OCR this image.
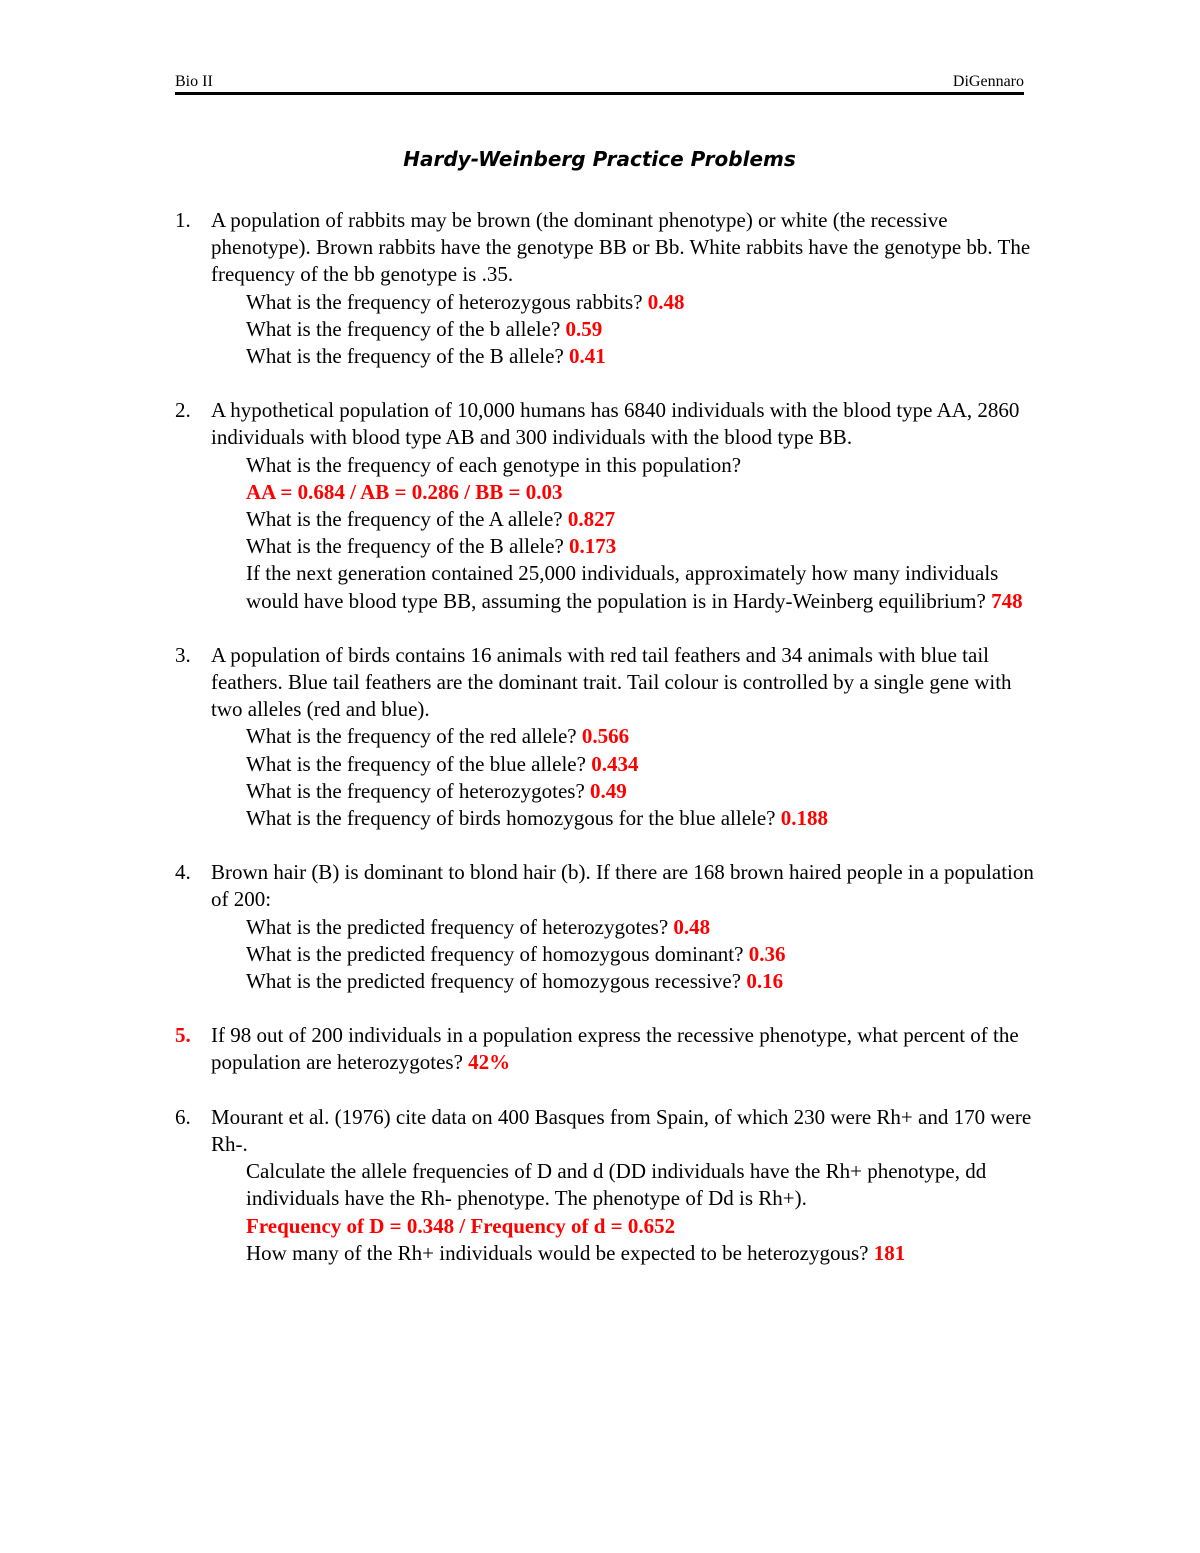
Bio II	DiGennaro
Hardy-Weinberg Practice Problems
1. A population of rabbits may be brown (the dominant phenotype) or white (the recessive phenotype). Brown rabbits have the genotype BB or Bb. White rabbits have the genotype bb. The frequency of the bb genotype is .35.
What is the frequency of heterozygous rabbits? 0.48
What is the frequency of the b allele? 0.59
What is the frequency of the B allele? 0.41
2. A hypothetical population of 10,000 humans has 6840 individuals with the blood type AA, 2860 individuals with blood type AB and 300 individuals with the blood type BB.
What is the frequency of each genotype in this population?
AA = 0.684 / AB = 0.286 / BB = 0.03
What is the frequency of the A allele? 0.827
What is the frequency of the B allele? 0.173
If the next generation contained 25,000 individuals, approximately how many individuals would have blood type BB, assuming the population is in Hardy-Weinberg equilibrium? 748
3. A population of birds contains 16 animals with red tail feathers and 34 animals with blue tail feathers. Blue tail feathers are the dominant trait. Tail colour is controlled by a single gene with two alleles (red and blue).
What is the frequency of the red allele? 0.566
What is the frequency of the blue allele? 0.434
What is the frequency of heterozygotes? 0.49
What is the frequency of birds homozygous for the blue allele? 0.188
4. Brown hair (B) is dominant to blond hair (b). If there are 168 brown haired people in a population of 200:
What is the predicted frequency of heterozygotes? 0.48
What is the predicted frequency of homozygous dominant? 0.36
What is the predicted frequency of homozygous recessive? 0.16
5. If 98 out of 200 individuals in a population express the recessive phenotype, what percent of the population are heterozygotes? 42%
6. Mourant et al. (1976) cite data on 400 Basques from Spain, of which 230 were Rh+ and 170 were Rh-.
Calculate the allele frequencies of D and d (DD individuals have the Rh+ phenotype, dd individuals have the Rh- phenotype. The phenotype of Dd is Rh+).
Frequency of D = 0.348 / Frequency of d = 0.652
How many of the Rh+ individuals would be expected to be heterozygous? 181
